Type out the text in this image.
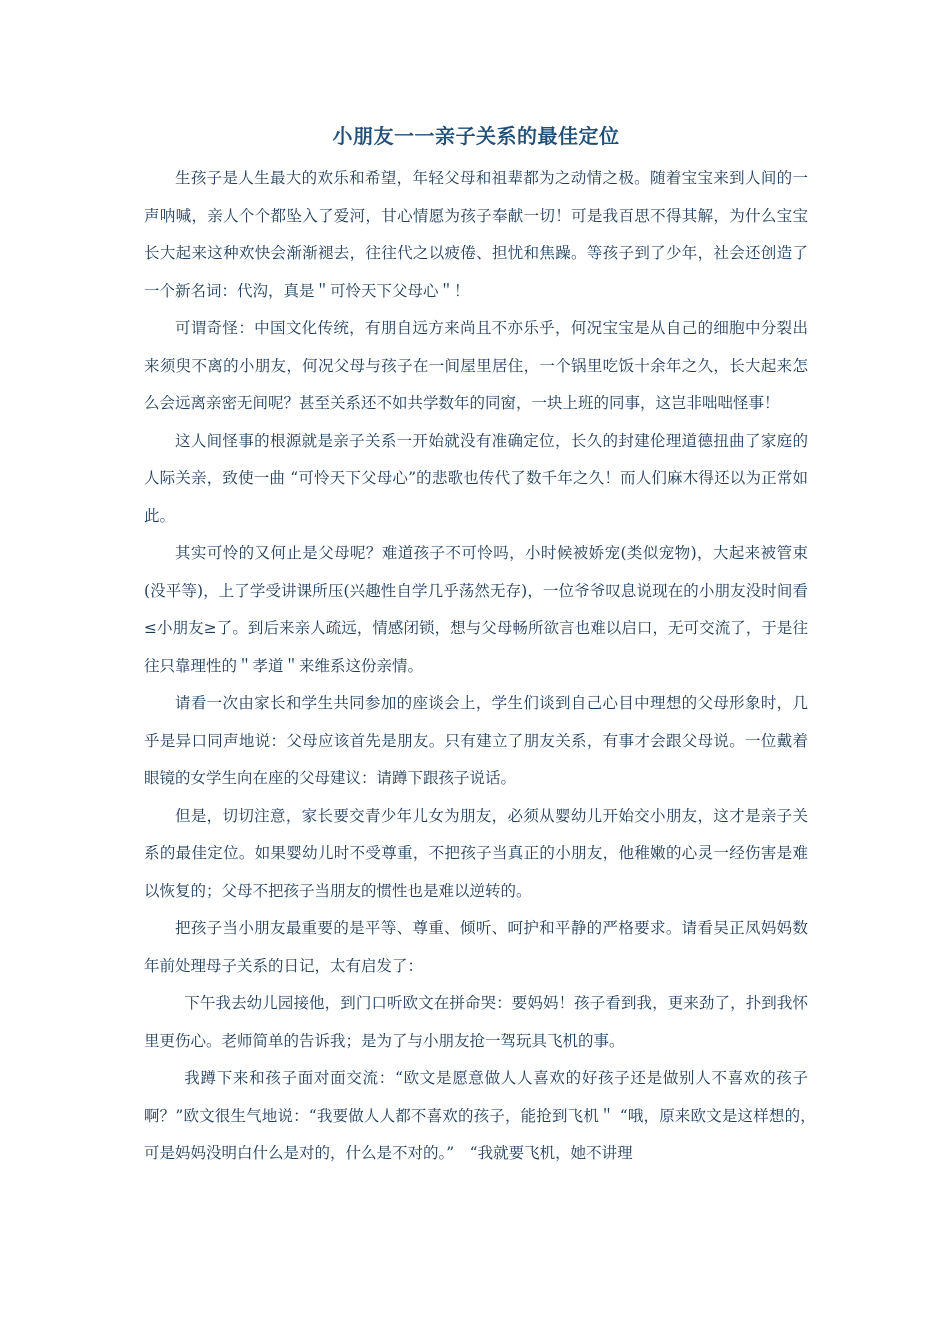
小朋友一一亲子关系的最佳定位

生孩子是人生最大的欢乐和希望，年轻父母和祖辈都为之动情之极。随着宝宝来到人间的一声呐喊，亲人个个都坠入了爱河，甘心情愿为孩子奉献一切！可是我百思不得其解，为什么宝宝长大起来这种欢快会渐渐褪去，往往代之以疲倦、担忧和焦躁。等孩子到了少年，社会还创造了一个新名词：代沟，真是＂可怜天下父母心＂！

可谓奇怪：中国文化传统，有朋自远方来尚且不亦乐乎，何况宝宝是从自己的细胞中分裂出来须臾不离的小朋友，何况父母与孩子在一间屋里居住，一个锅里吃饭十余年之久，长大起来怎么会远离亲密无间呢？甚至关系还不如共学数年的同窗，一块上班的同事，这岂非咄咄怪事！

这人间怪事的根源就是亲子关系一开始就没有准确定位，长久的封建伦理道德扭曲了家庭的人际关亲，致使一曲 “可怜天下父母心”的悲歌也传代了数千年之久！而人们麻木得还以为正常如此。

其实可怜的又何止是父母呢？难道孩子不可怜吗，小时候被娇宠(类似宠物)，大起来被管束(没平等)，上了学受讲课所压(兴趣性自学几乎荡然无存)，一位爷爷叹息说现在的小朋友没时间看≤小朋友≥了。到后来亲人疏远，情感闭锁，想与父母畅所欲言也难以启口，无可交流了，于是往往只靠理性的＂孝道＂来维系这份亲情。

请看一次由家长和学生共同参加的座谈会上，学生们谈到自己心目中理想的父母形象时，几乎是异口同声地说：父母应该首先是朋友。只有建立了朋友关系，有事才会跟父母说。一位戴着眼镜的女学生向在座的父母建议：请蹲下跟孩子说话。

但是，切切注意，家长要交青少年儿女为朋友，必须从婴幼儿开始交小朋友，这才是亲子关系的最佳定位。如果婴幼儿时不受尊重，不把孩子当真正的小朋友，他稚嫩的心灵一经伤害是难以恢复的；父母不把孩子当朋友的惯性也是难以逆转的。

把孩子当小朋友最重要的是平等、尊重、倾听、呵护和平静的严格要求。请看吴正凤妈妈数年前处理母子关系的日记，太有启发了：

下午我去幼儿园接他，到门口听欧文在拼命哭：要妈妈！孩子看到我，更来劲了，扑到我怀里更伤心。老师简单的告诉我；是为了与小朋友抢一驾玩具飞机的事。

我蹲下来和孩子面对面交流：“欧文是愿意做人人喜欢的好孩子还是做别人不喜欢的孩子啊？”欧文很生气地说：“我要做人人都不喜欢的孩子，能抢到飞机＂ “哦，原来欧文是这样想的，　可是妈妈没明白什么是对的，什么是不对的。”　“我就要飞机，她不讲理
